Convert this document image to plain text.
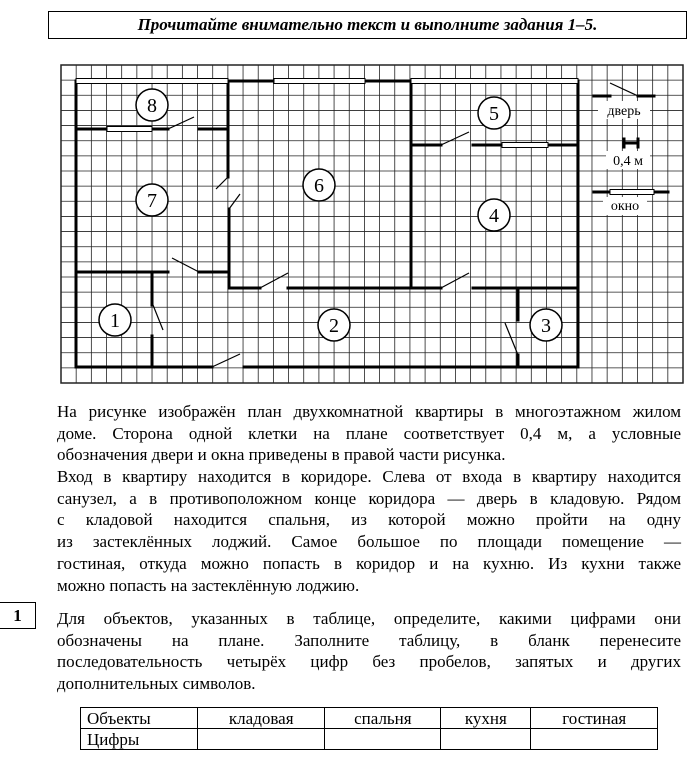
Прочитайте внимательно текст и выполните задания 1–5.
1	2	3
4
5
6
7
8	дверь
0,4 м
окно
На рисунке изображён план двухкомнатной квартиры в многоэтажном жилом
доме. Сторона одной клетки на плане соответствует 0,4 м, а условные
обозначения двери и окна приведены в правой части рисунка.
Вход в квартиру находится в коридоре. Слева от входа в квартиру находится
санузел, а в противоположном конце коридора — дверь в кладовую. Рядом
с кладовой находится спальня, из которой можно пройти на одну
из застеклённых лоджий. Самое большое по площади помещение —
гостиная, откуда можно попасть в коридор и на кухню. Из кухни также
можно попасть на застеклённую лоджию.
1	Для объектов, указанных в таблице, определите, какими цифрами они
обозначены на плане. Заполните таблицу, в бланк перенесите
последовательность четырёх цифр без пробелов, запятых и других
дополнительных символов.
Объекты	кладовая	спальня	кухня	гостиная
Цифры				
